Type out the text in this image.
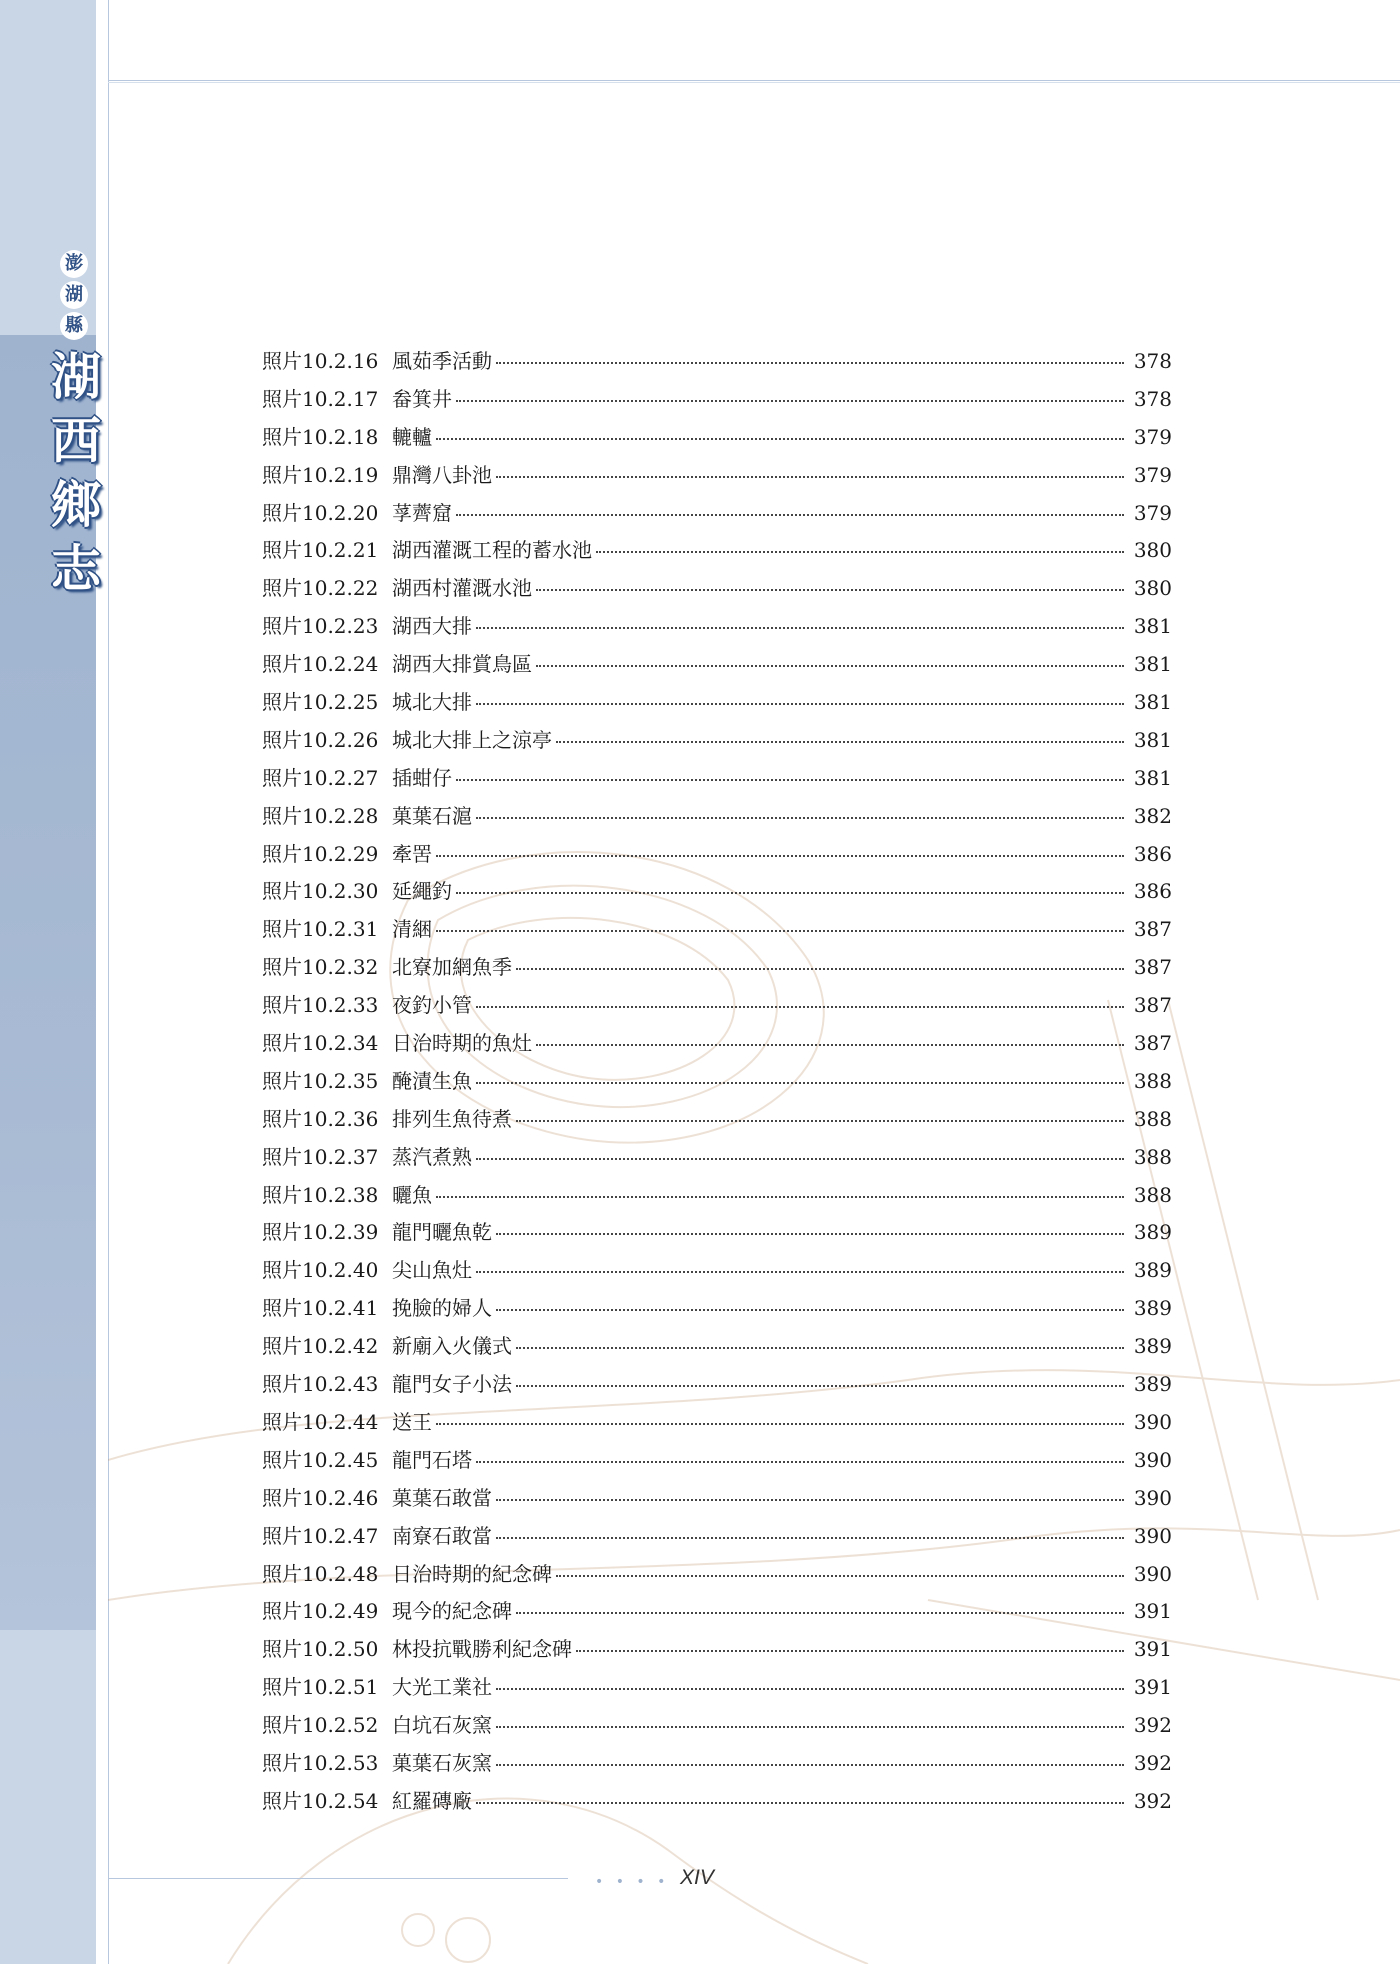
澎
湖
縣
湖
西
鄉
志
照片10.2.16 風茹季活動	378
照片10.2.17 畚箕井	378
照片10.2.18 轆轤	379
照片10.2.19 鼎灣八卦池	379
照片10.2.20 莩薺窟	379
照片10.2.21 湖西灌溉工程的蓄水池	380
照片10.2.22 湖西村灌溉水池	380
照片10.2.23 湖西大排	381
照片10.2.24 湖西大排賞鳥區	381
照片10.2.25 城北大排	381
照片10.2.26 城北大排上之涼亭	381
照片10.2.27 插蚶仔	381
照片10.2.28 菓葉石滬	382
照片10.2.29 牽罟	386
照片10.2.30 延繩釣	386
照片10.2.31 清綑	387
照片10.2.32 北寮加網魚季	387
照片10.2.33 夜釣小管	387
照片10.2.34 日治時期的魚灶	387
照片10.2.35 醃漬生魚	388
照片10.2.36 排列生魚待煮	388
照片10.2.37 蒸汽煮熟	388
照片10.2.38 曬魚	388
照片10.2.39 龍門曬魚乾	389
照片10.2.40 尖山魚灶	389
照片10.2.41 挽臉的婦人	389
照片10.2.42 新廟入火儀式	389
照片10.2.43 龍門女子小法	389
照片10.2.44 送王	390
照片10.2.45 龍門石塔	390
照片10.2.46 菓葉石敢當	390
照片10.2.47 南寮石敢當	390
照片10.2.48 日治時期的紀念碑	390
照片10.2.49 現今的紀念碑	391
照片10.2.50 林投抗戰勝利紀念碑	391
照片10.2.51 大光工業社	391
照片10.2.52 白坑石灰窯	392
照片10.2.53 菓葉石灰窯	392
照片10.2.54 紅羅磚廠	392
• • • • XIV
